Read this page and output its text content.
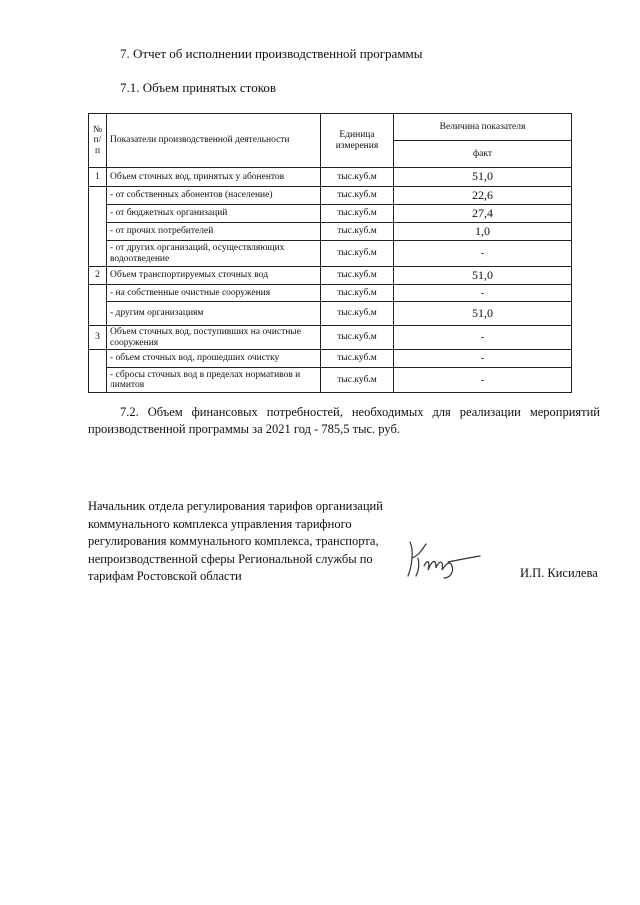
7. Отчет об исполнении производственной программы
7.1. Объем принятых стоков
№ п/п	Показатели производственной деятельности	Единица измерения	Величина показателя
			факт
1	Объем сточных вод, принятых у абонентов	тыс.куб.м	51,0
	- от собственных абонентов (население)	тыс.куб.м	22,6
	- от бюджетных организаций	тыс.куб.м	27,4
	- от прочих потребителей	тыс.куб.м	1,0
	- от других организаций, осуществляющих водоотведение	тыс.куб.м	-
2	Объем транспортируемых сточных вод	тыс.куб.м	51,0
	- на собственные очистные сооружения	тыс.куб.м	-
	- другим организациям	тыс.куб.м	51,0
3	Объем сточных вод, поступивших на очистные сооружения	тыс.куб.м	-
	- объем сточных вод, прошедших очистку	тыс.куб.м	-
	- сбросы сточных вод в пределах нормативов и лимитов	тыс.куб.м	-
7.2. Объем финансовых потребностей, необходимых для реализации мероприятий производственной программы за 2021 год - 785,5 тыс. руб.
Начальник отдела регулирования тарифов организаций
коммунального комплекса управления тарифного
регулирования коммунального комплекса, транспорта,
непроизводственной сферы Региональной службы по
тарифам Ростовской области	И.П. Кисилева
